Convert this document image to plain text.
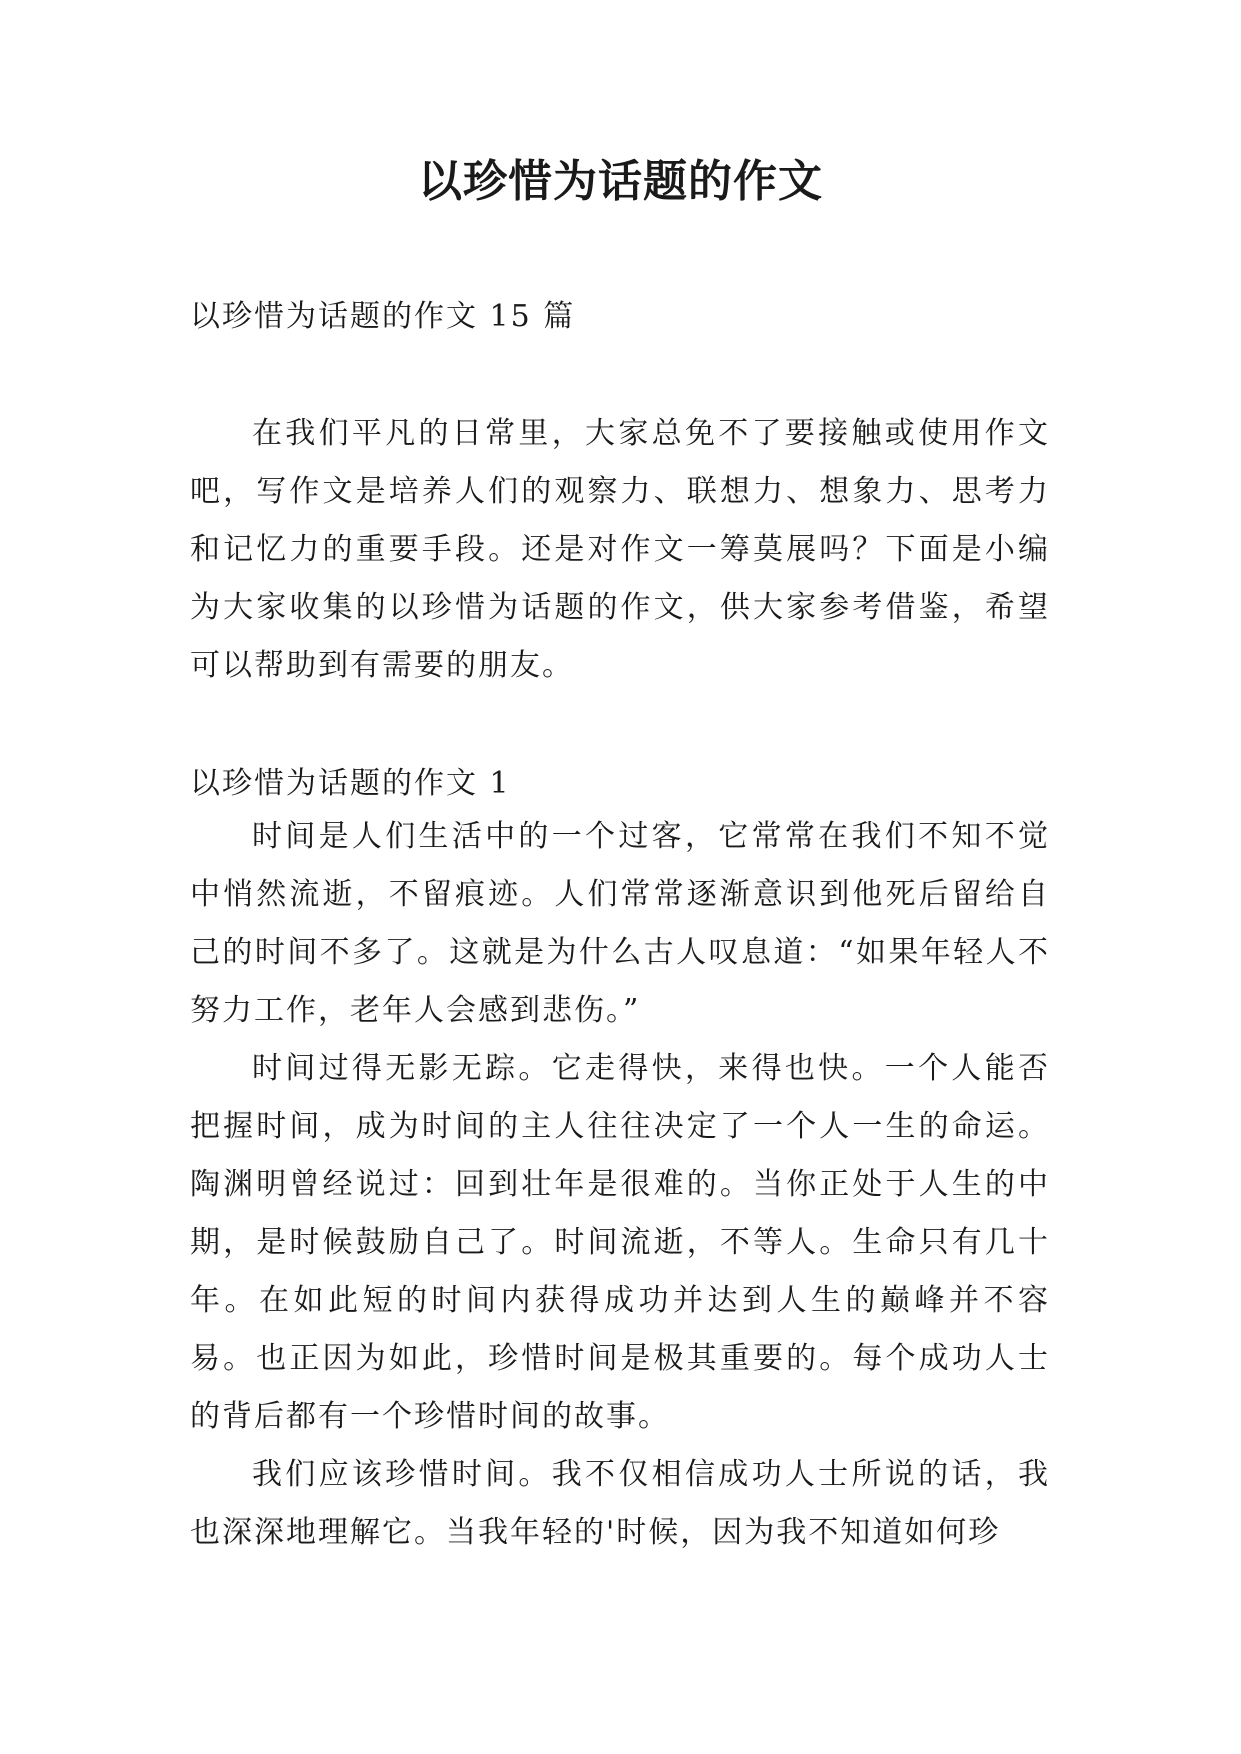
以珍惜为话题的作文
以珍惜为话题的作文 15 篇

在我们平凡的日常里，大家总免不了要接触或使用作文吧，写作文是培养人们的观察力、联想力、想象力、思考力和记忆力的重要手段。还是对作文一筹莫展吗？下面是小编为大家收集的以珍惜为话题的作文，供大家参考借鉴，希望可以帮助到有需要的朋友。

以珍惜为话题的作文 1

时间是人们生活中的一个过客，它常常在我们不知不觉中悄然流逝，不留痕迹。人们常常逐渐意识到他死后留给自己的时间不多了。这就是为什么古人叹息道：“如果年轻人不努力工作，老年人会感到悲伤。”

时间过得无影无踪。它走得快，来得也快。一个人能否把握时间，成为时间的主人往往决定了一个人一生的命运。陶渊明曾经说过：回到壮年是很难的。当你正处于人生的中期，是时候鼓励自己了。时间流逝，不等人。生命只有几十年。在如此短的时间内获得成功并达到人生的巅峰并不容易。也正因为如此，珍惜时间是极其重要的。每个成功人士的背后都有一个珍惜时间的故事。

我们应该珍惜时间。我不仅相信成功人士所说的话，我也深深地理解它。当我年轻的'时候，因为我不知道如何珍
